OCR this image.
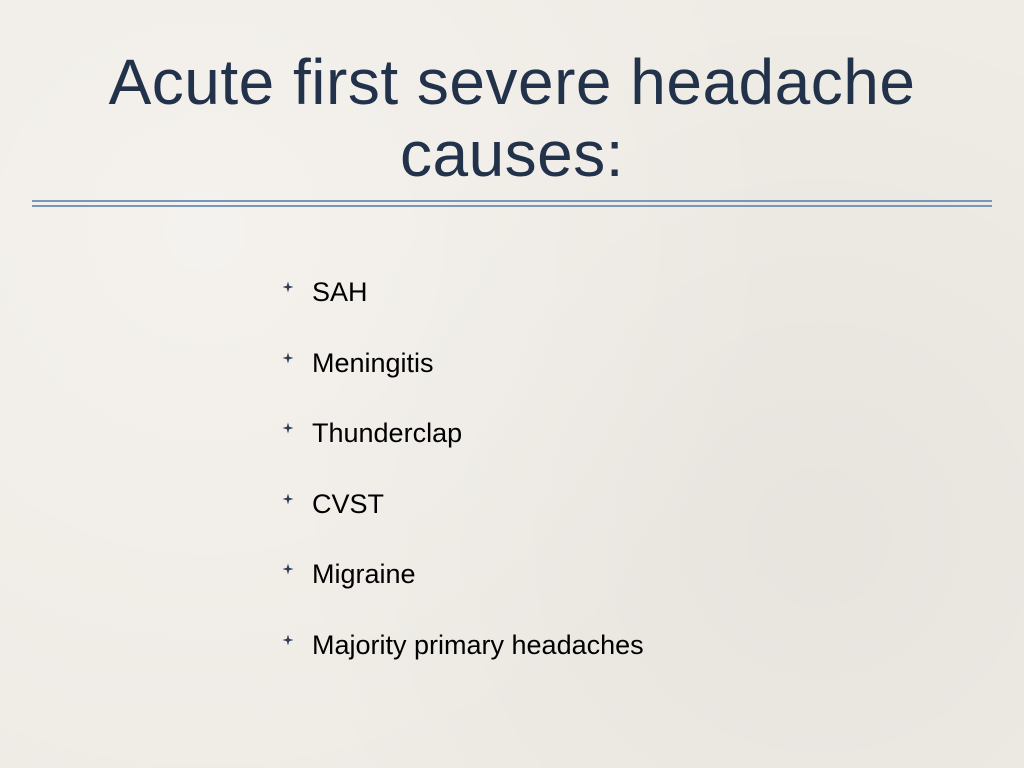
Acute first severe headache
causes:
SAH
Meningitis
Thunderclap
CVST
Migraine
Majority primary headaches
